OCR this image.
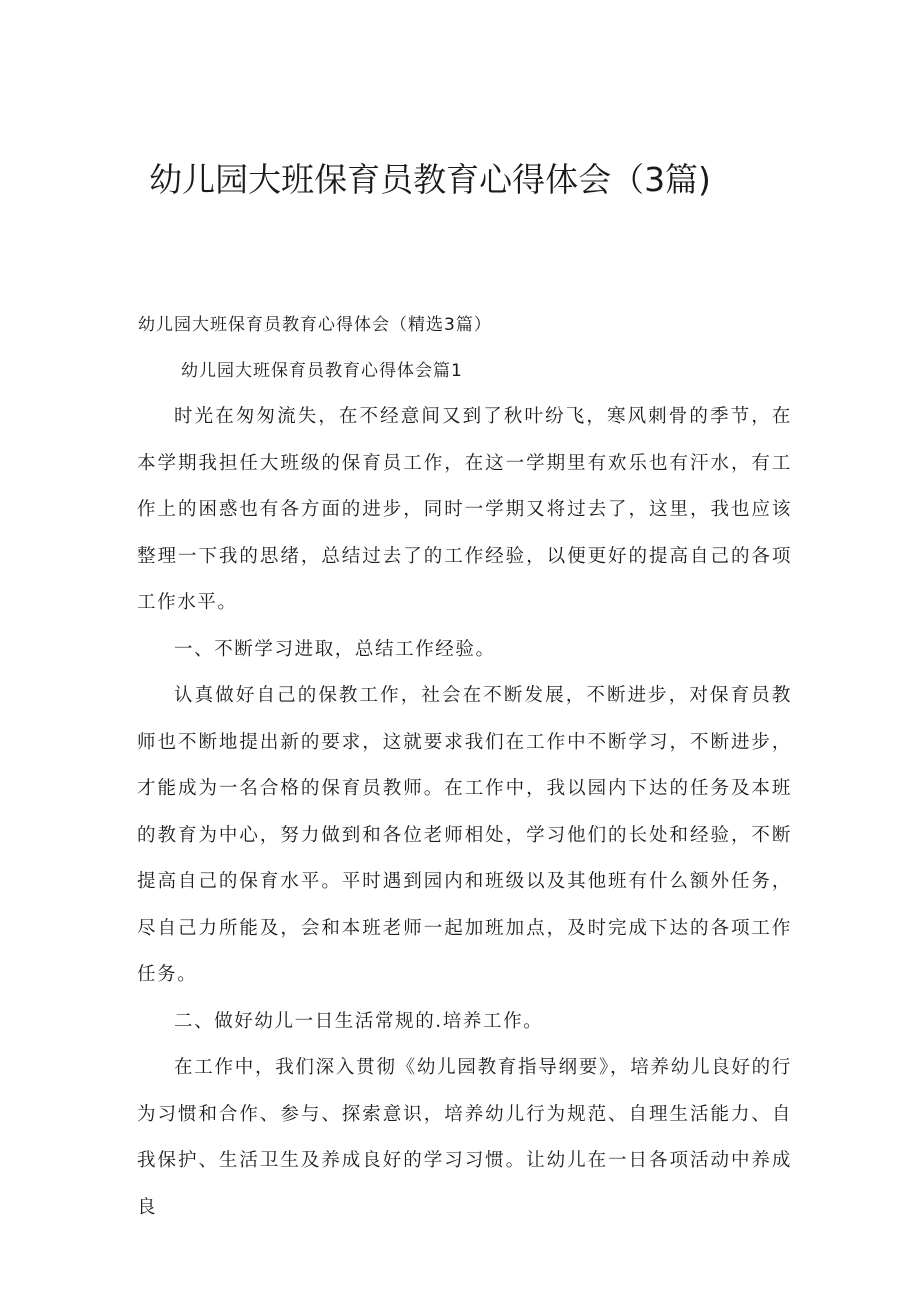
幼儿园大班保育员教育心得体会（3篇)
幼儿园大班保育员教育心得体会（精选3篇）
幼儿园大班保育员教育心得体会篇1

时光在匆匆流失，在不经意间又到了秋叶纷飞，寒风刺骨的季节，在本学期我担任大班级的保育员工作，在这一学期里有欢乐也有汗水，有工作上的困惑也有各方面的进步，同时一学期又将过去了，这里，我也应该整理一下我的思绪，总结过去了的工作经验，以便更好的提高自己的各项工作水平。

一、不断学习进取，总结工作经验。

认真做好自己的保教工作，社会在不断发展，不断进步，对保育员教师也不断地提出新的要求，这就要求我们在工作中不断学习，不断进步，才能成为一名合格的保育员教师。在工作中，我以园内下达的任务及本班的教育为中心，努力做到和各位老师相处，学习他们的长处和经验，不断提高自己的保育水平。平时遇到园内和班级以及其他班有什么额外任务，尽自己力所能及，会和本班老师一起加班加点，及时完成下达的各项工作任务。

二、做好幼儿一日生活常规的.培养工作。

在工作中，我们深入贯彻《幼儿园教育指导纲要》，培养幼儿良好的行为习惯和合作、参与、探索意识，培养幼儿行为规范、自理生活能力、自我保护、生活卫生及养成良好的学习习惯。让幼儿在一日各项活动中养成良
